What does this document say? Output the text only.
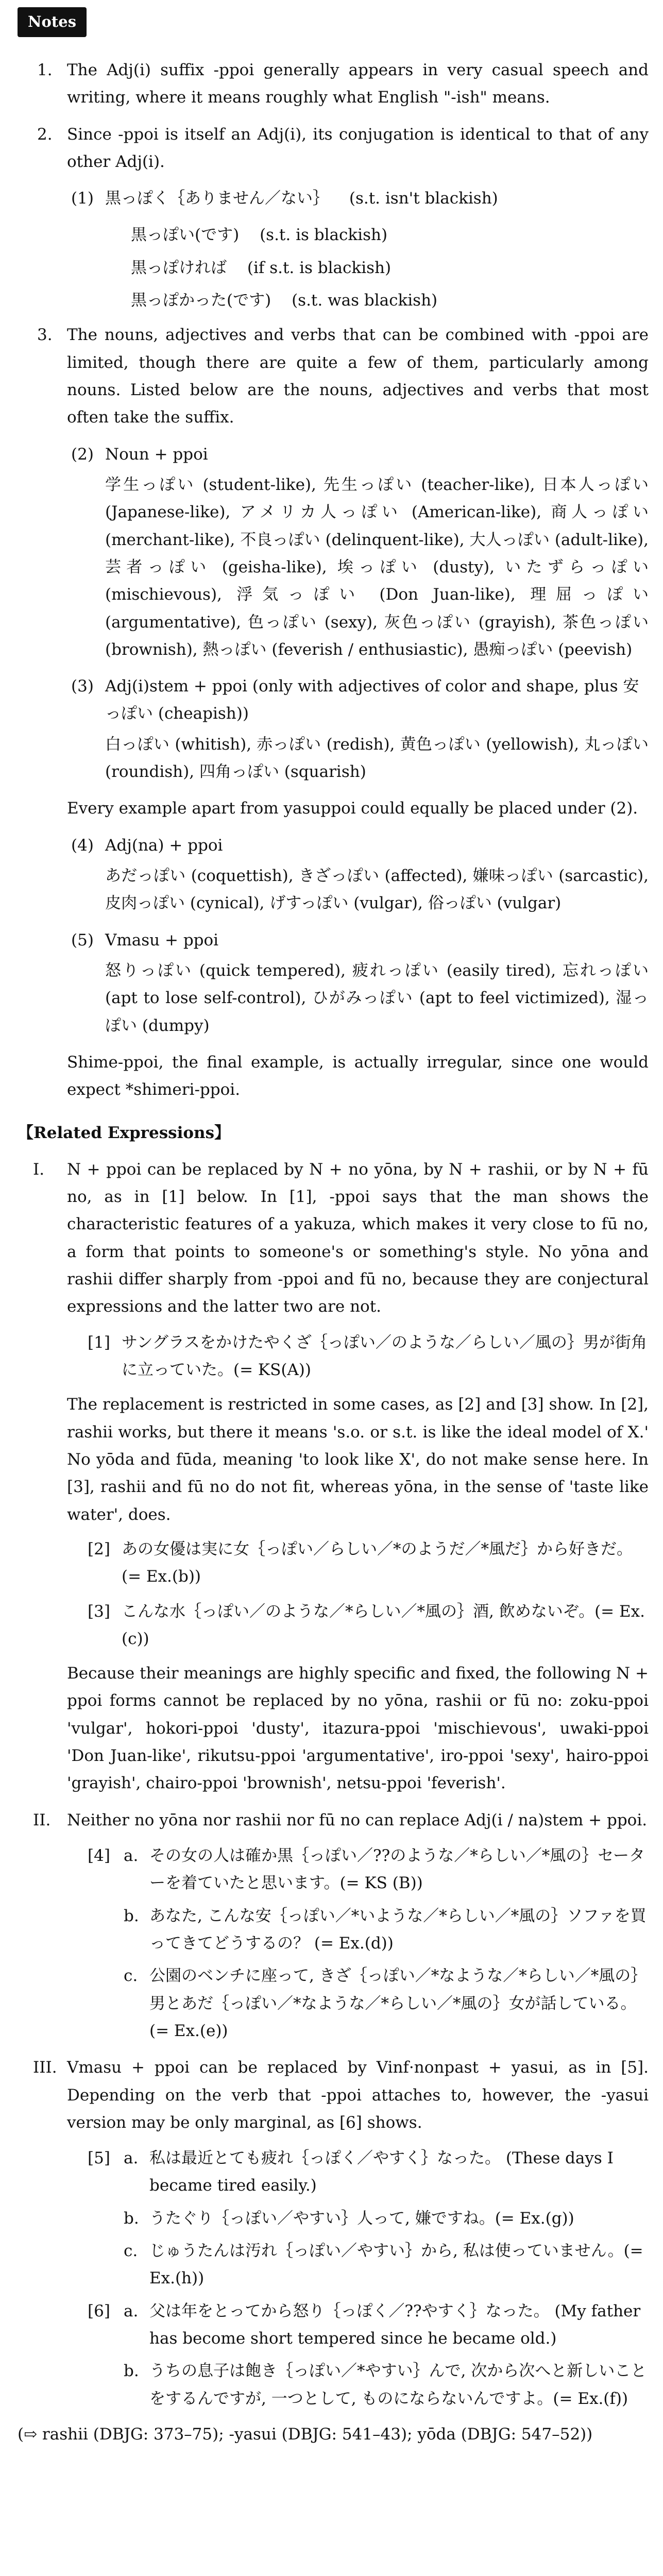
Notes
1. The Adj(i) suffix -ppoi generally appears in very casual speech and writing, where it means roughly what English "-ish" means.
2. Since -ppoi is itself an Adj(i), its conjugation is identical to that of any other Adj(i).
(1) 黒っぽく｛ありません／ない｝ (s.t. isn't blackish)
黒っぽい(です) (s.t. is blackish)
黒っぽければ (if s.t. is blackish)
黒っぽかった(です) (s.t. was blackish)
3. The nouns, adjectives and verbs that can be combined with -ppoi are limited, though there are quite a few of them, particularly among nouns. Listed below are the nouns, adjectives and verbs that most often take the suffix.
(2) Noun + ppoi
学生っぽい (student-like), 先生っぽい (teacher-like), 日本人っぽい (Japanese-like), アメリカ人っぽい (American-like), 商人っぽい (merchant-like), 不良っぽい (delinquent-like), 大人っぽい (adult-like), 芸者っぽい (geisha-like), 埃っぽい (dusty), いたずらっぽい (mischievous), 浮気っぽい (Don Juan-like), 理屈っぽい (argumentative), 色っぽい (sexy), 灰色っぽい (grayish), 茶色っぽい (brownish), 熱っぽい (feverish / enthusiastic), 愚痴っぽい (peevish)
(3) Adj(i)stem + ppoi (only with adjectives of color and shape, plus 安っぽい (cheapish))
白っぽい (whitish), 赤っぽい (redish), 黄色っぽい (yellowish), 丸っぽい (roundish), 四角っぽい (squarish)
Every example apart from yasuppoi could equally be placed under (2).
(4) Adj(na) + ppoi
あだっぽい (coquettish), きざっぽい (affected), 嫌味っぽい (sarcastic), 皮肉っぽい (cynical), げすっぽい (vulgar), 俗っぽい (vulgar)
(5) Vmasu + ppoi
怒りっぽい (quick tempered), 疲れっぽい (easily tired), 忘れっぽい (apt to lose self-control), ひがみっぽい (apt to feel victimized), 湿っぽい (dumpy)
Shime-ppoi, the final example, is actually irregular, since one would expect *shimeri-ppoi.
【Related Expressions】
I. N + ppoi can be replaced by N + no yōna, by N + rashii, or by N + fū no, as in [1] below. In [1], -ppoi says that the man shows the characteristic features of a yakuza, which makes it very close to fū no, a form that points to someone's or something's style. No yōna and rashii differ sharply from -ppoi and fū no, because they are conjectural expressions and the latter two are not.
[1] サングラスをかけたやくざ｛っぽい／のような／らしい／風の｝男が街角に立っていた。(= KS(A))
The replacement is restricted in some cases, as [2] and [3] show. In [2], rashii works, but there it means 's.o. or s.t. is like the ideal model of X.' No yōda and fūda, meaning 'to look like X', do not make sense here. In [3], rashii and fū no do not fit, whereas yōna, in the sense of 'taste like water', does.
[2] あの女優は実に女｛っぽい／らしい／*のようだ／*風だ｝から好きだ。(= Ex.(b))
[3] こんな水｛っぽい／のような／*らしい／*風の｝酒, 飲めないぞ。(= Ex.(c))
Because their meanings are highly specific and fixed, the following N + ppoi forms cannot be replaced by no yōna, rashii or fū no: zoku-ppoi 'vulgar', hokori-ppoi 'dusty', itazura-ppoi 'mischievous', uwaki-ppoi 'Don Juan-like', rikutsu-ppoi 'argumentative', iro-ppoi 'sexy', hairo-ppoi 'grayish', chairo-ppoi 'brownish', netsu-ppoi 'feverish'.
II. Neither no yōna nor rashii nor fū no can replace Adj(i / na)stem + ppoi.
[4] a. その女の人は確か黒｛っぽい／??のような／*らしい／*風の｝セーターを着ていたと思います。(= KS (B))
b. あなた, こんな安｛っぽい／*いような／*らしい／*風の｝ソファを買ってきてどうするの？ (= Ex.(d))
c. 公園のベンチに座って, きざ｛っぽい／*なような／*らしい／*風の｝男とあだ｛っぽい／*なような／*らしい／*風の｝女が話している。(= Ex.(e))
III. Vmasu + ppoi can be replaced by Vinf·nonpast + yasui, as in [5]. Depending on the verb that -ppoi attaches to, however, the -yasui version may be only marginal, as [6] shows.
[5] a. 私は最近とても疲れ｛っぽく／やすく｝なった。 (These days I became tired easily.)
b. うたぐり｛っぽい／やすい｝人って, 嫌ですね。(= Ex.(g))
c. じゅうたんは汚れ｛っぽい／やすい｝から, 私は使っていません。(= Ex.(h))
[6] a. 父は年をとってから怒り｛っぽく／??やすく｝なった。 (My father has become short tempered since he became old.)
b. うちの息子は飽き｛っぽい／*やすい｝んで, 次から次へと新しいことをするんですが, 一つとして, ものにならないんですよ。(= Ex.(f))
(⇨ rashii (DBJG: 373–75); -yasui (DBJG: 541–43); yōda (DBJG: 547–52))
